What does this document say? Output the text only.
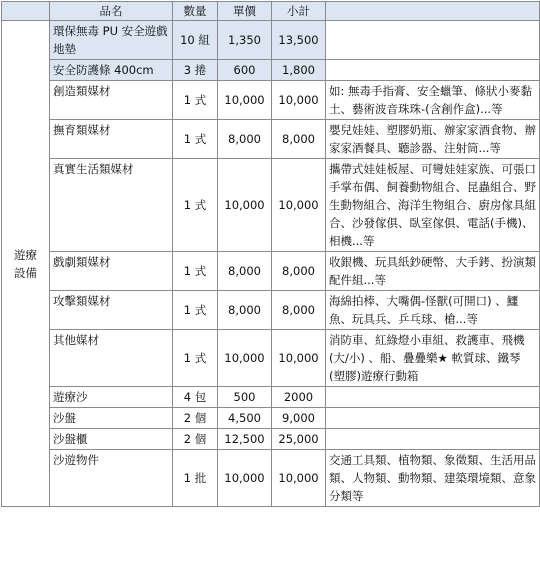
	品名	數量	單價	小計	
遊療
設備	環保無毒 PU 安全遊戲地墊	10 組	1,350	13,500	
	安全防護條 400cm	3 捲	600	1,800	
	創造類媒材	1 式	10,000	10,000	如: 無毒手指膏、安全蠟筆、條狀小麥黏土、藝術波音珠珠-(含創作盒)...等
	撫育類媒材	1 式	8,000	8,000	嬰兒娃娃、塑膠奶瓶、辦家家酒食物、辦家家酒餐具、聽診器、注射筒...等
	真實生活類媒材	1 式	10,000	10,000	攜帶式娃娃板屋、可彎娃娃家族、可張口手掌布偶、飼養動物組合、昆蟲組合、野生動物組合、海洋生物組合、廚房傢具組合、沙發傢俱、臥室傢俱、電話(手機)、相機...等
	戲劇類媒材	1 式	8,000	8,000	收銀機、玩具紙鈔硬幣、大手銬、扮演類配件組...等
	攻擊類媒材	1 式	8,000	8,000	海綿拍棒、大嘴偶-怪獸(可開口) 、鱷魚、玩具兵、乒乓球、槍...等
	其他媒材	1 式	10,000	10,000	消防車、紅綠燈小車組、救護車、飛機(大/小) 、船、疊疊樂★ 軟質球、鐵琴(塑膠)遊療行動箱
	遊療沙	4 包	500	2000	
	沙盤	2 個	4,500	9,000	
	沙盤櫃	2 個	12,500	25,000	
	沙遊物件	1 批	10,000	10,000	交通工具類、植物類、象徵類、生活用品類、人物類、動物類、建築環境類、意象分類等
